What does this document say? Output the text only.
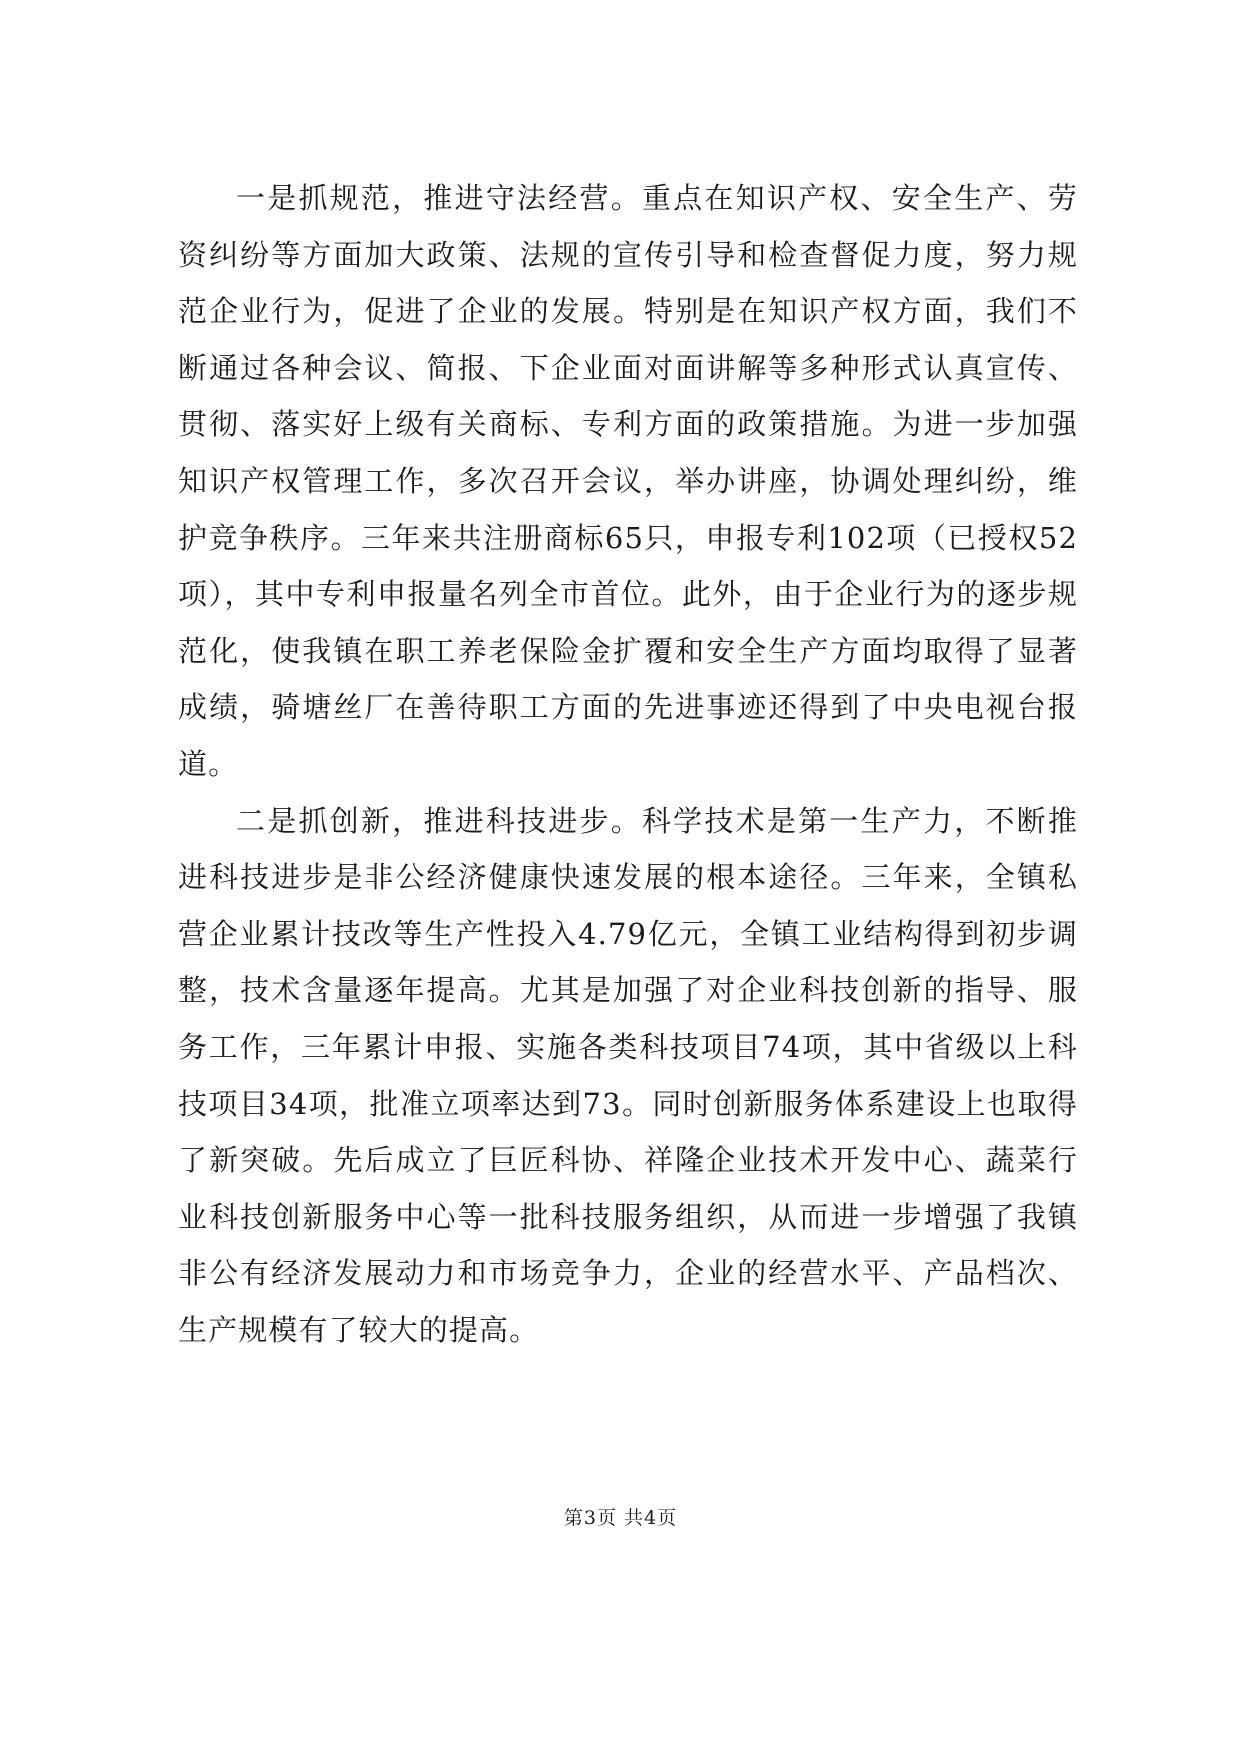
一是抓规范，推进守法经营。重点在知识产权、安全生产、劳资纠纷等方面加大政策、法规的宣传引导和检查督促力度，努力规范企业行为，促进了企业的发展。特别是在知识产权方面，我们不断通过各种会议、简报、下企业面对面讲解等多种形式认真宣传、贯彻、落实好上级有关商标、专利方面的政策措施。为进一步加强知识产权管理工作，多次召开会议，举办讲座，协调处理纠纷，维护竞争秩序。三年来共注册商标65只，申报专利102项（已授权52项），其中专利申报量名列全市首位。此外，由于企业行为的逐步规范化，使我镇在职工养老保险金扩覆和安全生产方面均取得了显著成绩，骑塘丝厂在善待职工方面的先进事迹还得到了中央电视台报道。

二是抓创新，推进科技进步。科学技术是第一生产力，不断推进科技进步是非公经济健康快速发展的根本途径。三年来，全镇私营企业累计技改等生产性投入4.79亿元，全镇工业结构得到初步调整，技术含量逐年提高。尤其是加强了对企业科技创新的指导、服务工作，三年累计申报、实施各类科技项目74项，其中省级以上科技项目34项，批准立项率达到73。同时创新服务体系建设上也取得了新突破。先后成立了巨匠科协、祥隆企业技术开发中心、蔬菜行业科技创新服务中心等一批科技服务组织，从而进一步增强了我镇非公有经济发展动力和市场竞争力，企业的经营水平、产品档次、生产规模有了较大的提高。

第3页 共4页
